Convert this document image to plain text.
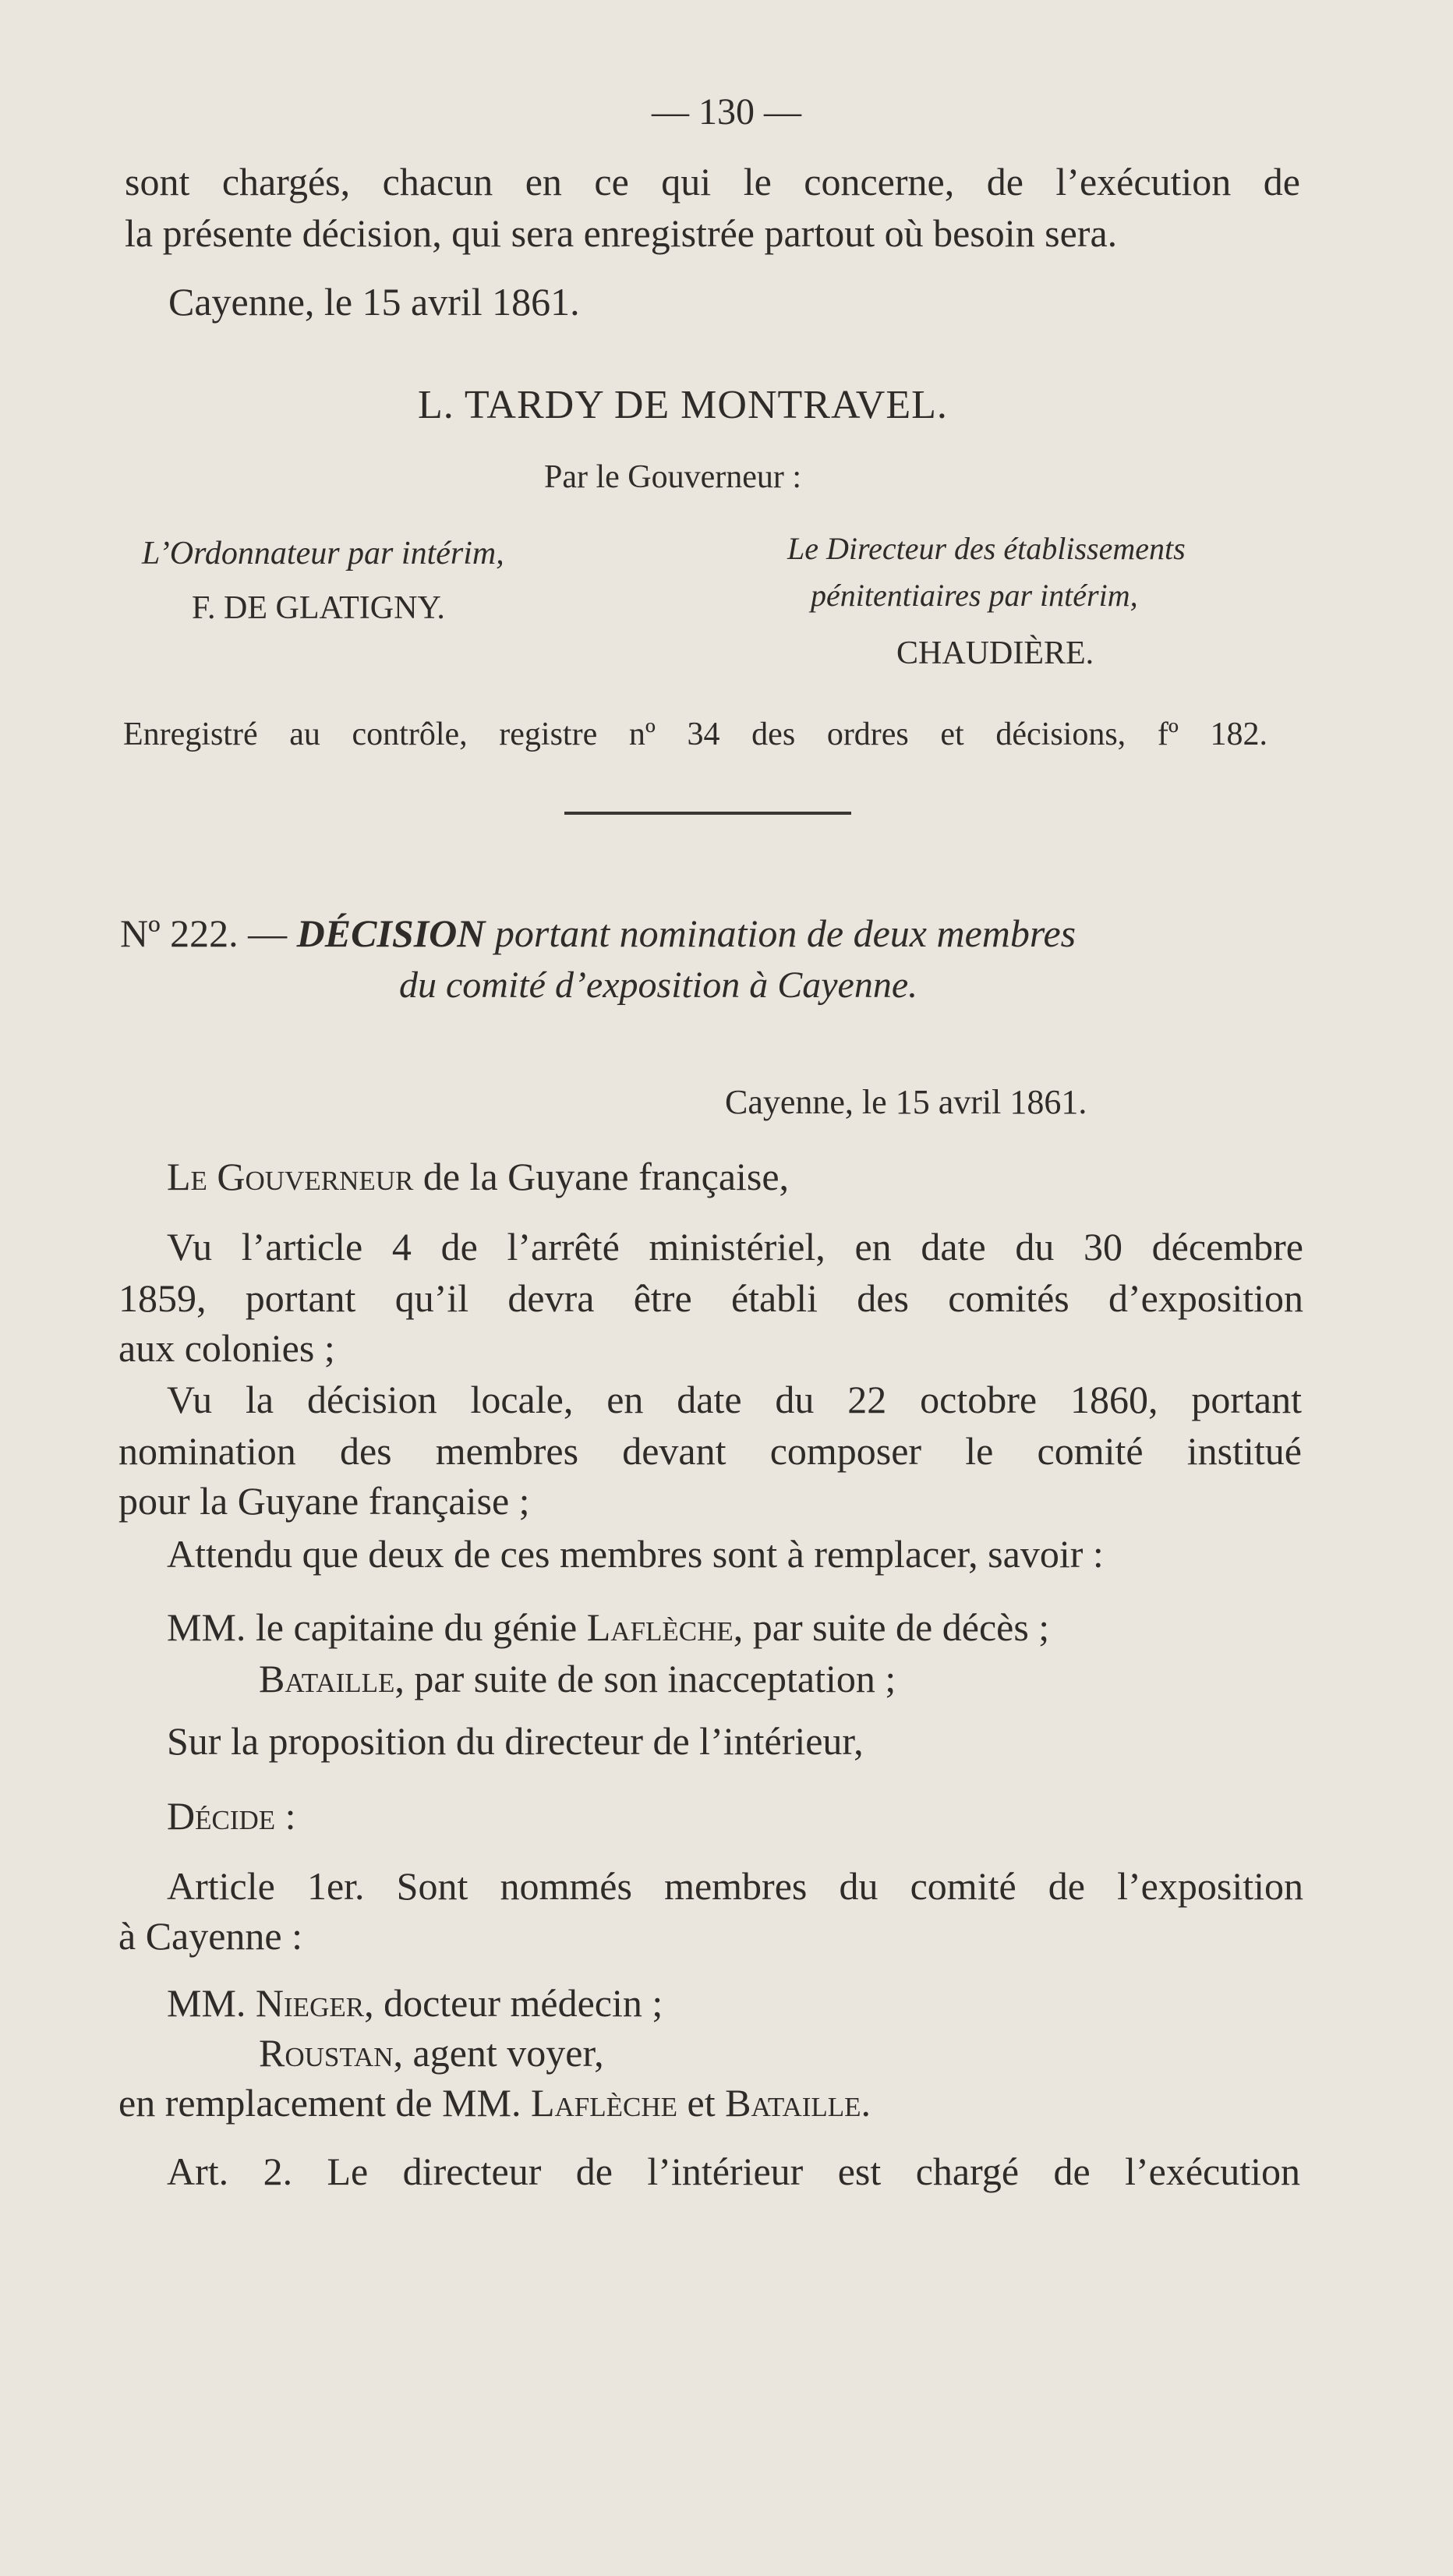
— 130 —
sont chargés, chacun en ce qui le concerne, de l’exécution de
la présente décision, qui sera enregistrée partout où besoin sera.
Cayenne, le 15 avril 1861.
L. TARDY DE MONTRAVEL.
Par le Gouverneur :
L’Ordonnateur par intérim,
F. DE GLATIGNY.
Le Directeur des établissements
pénitentiaires par intérim,
CHAUDIÈRE.
Enregistré au contrôle, registre nº 34 des ordres et décisions, fº 182.
Nº 222. — DÉCISION portant nomination de deux membres
du comité d’exposition à Cayenne.
Cayenne, le 15 avril 1861.
Le Gouverneur de la Guyane française,
Vu l’article 4 de l’arrêté ministériel, en date du 30 décembre
1859, portant qu’il devra être établi des comités d’exposition
aux colonies ;
Vu la décision locale, en date du 22 octobre 1860, portant
nomination des membres devant composer le comité institué
pour la Guyane française ;
Attendu que deux de ces membres sont à remplacer, savoir :
MM. le capitaine du génie Laflèche, par suite de décès ;
Bataille, par suite de son inacceptation ;
Sur la proposition du directeur de l’intérieur,
Décide :
Article 1er. Sont nommés membres du comité de l’exposition
à Cayenne :
MM. Nieger, docteur médecin ;
Roustan, agent voyer,
en remplacement de MM. Laflèche et Bataille.
Art. 2. Le directeur de l’intérieur est chargé de l’exécution
